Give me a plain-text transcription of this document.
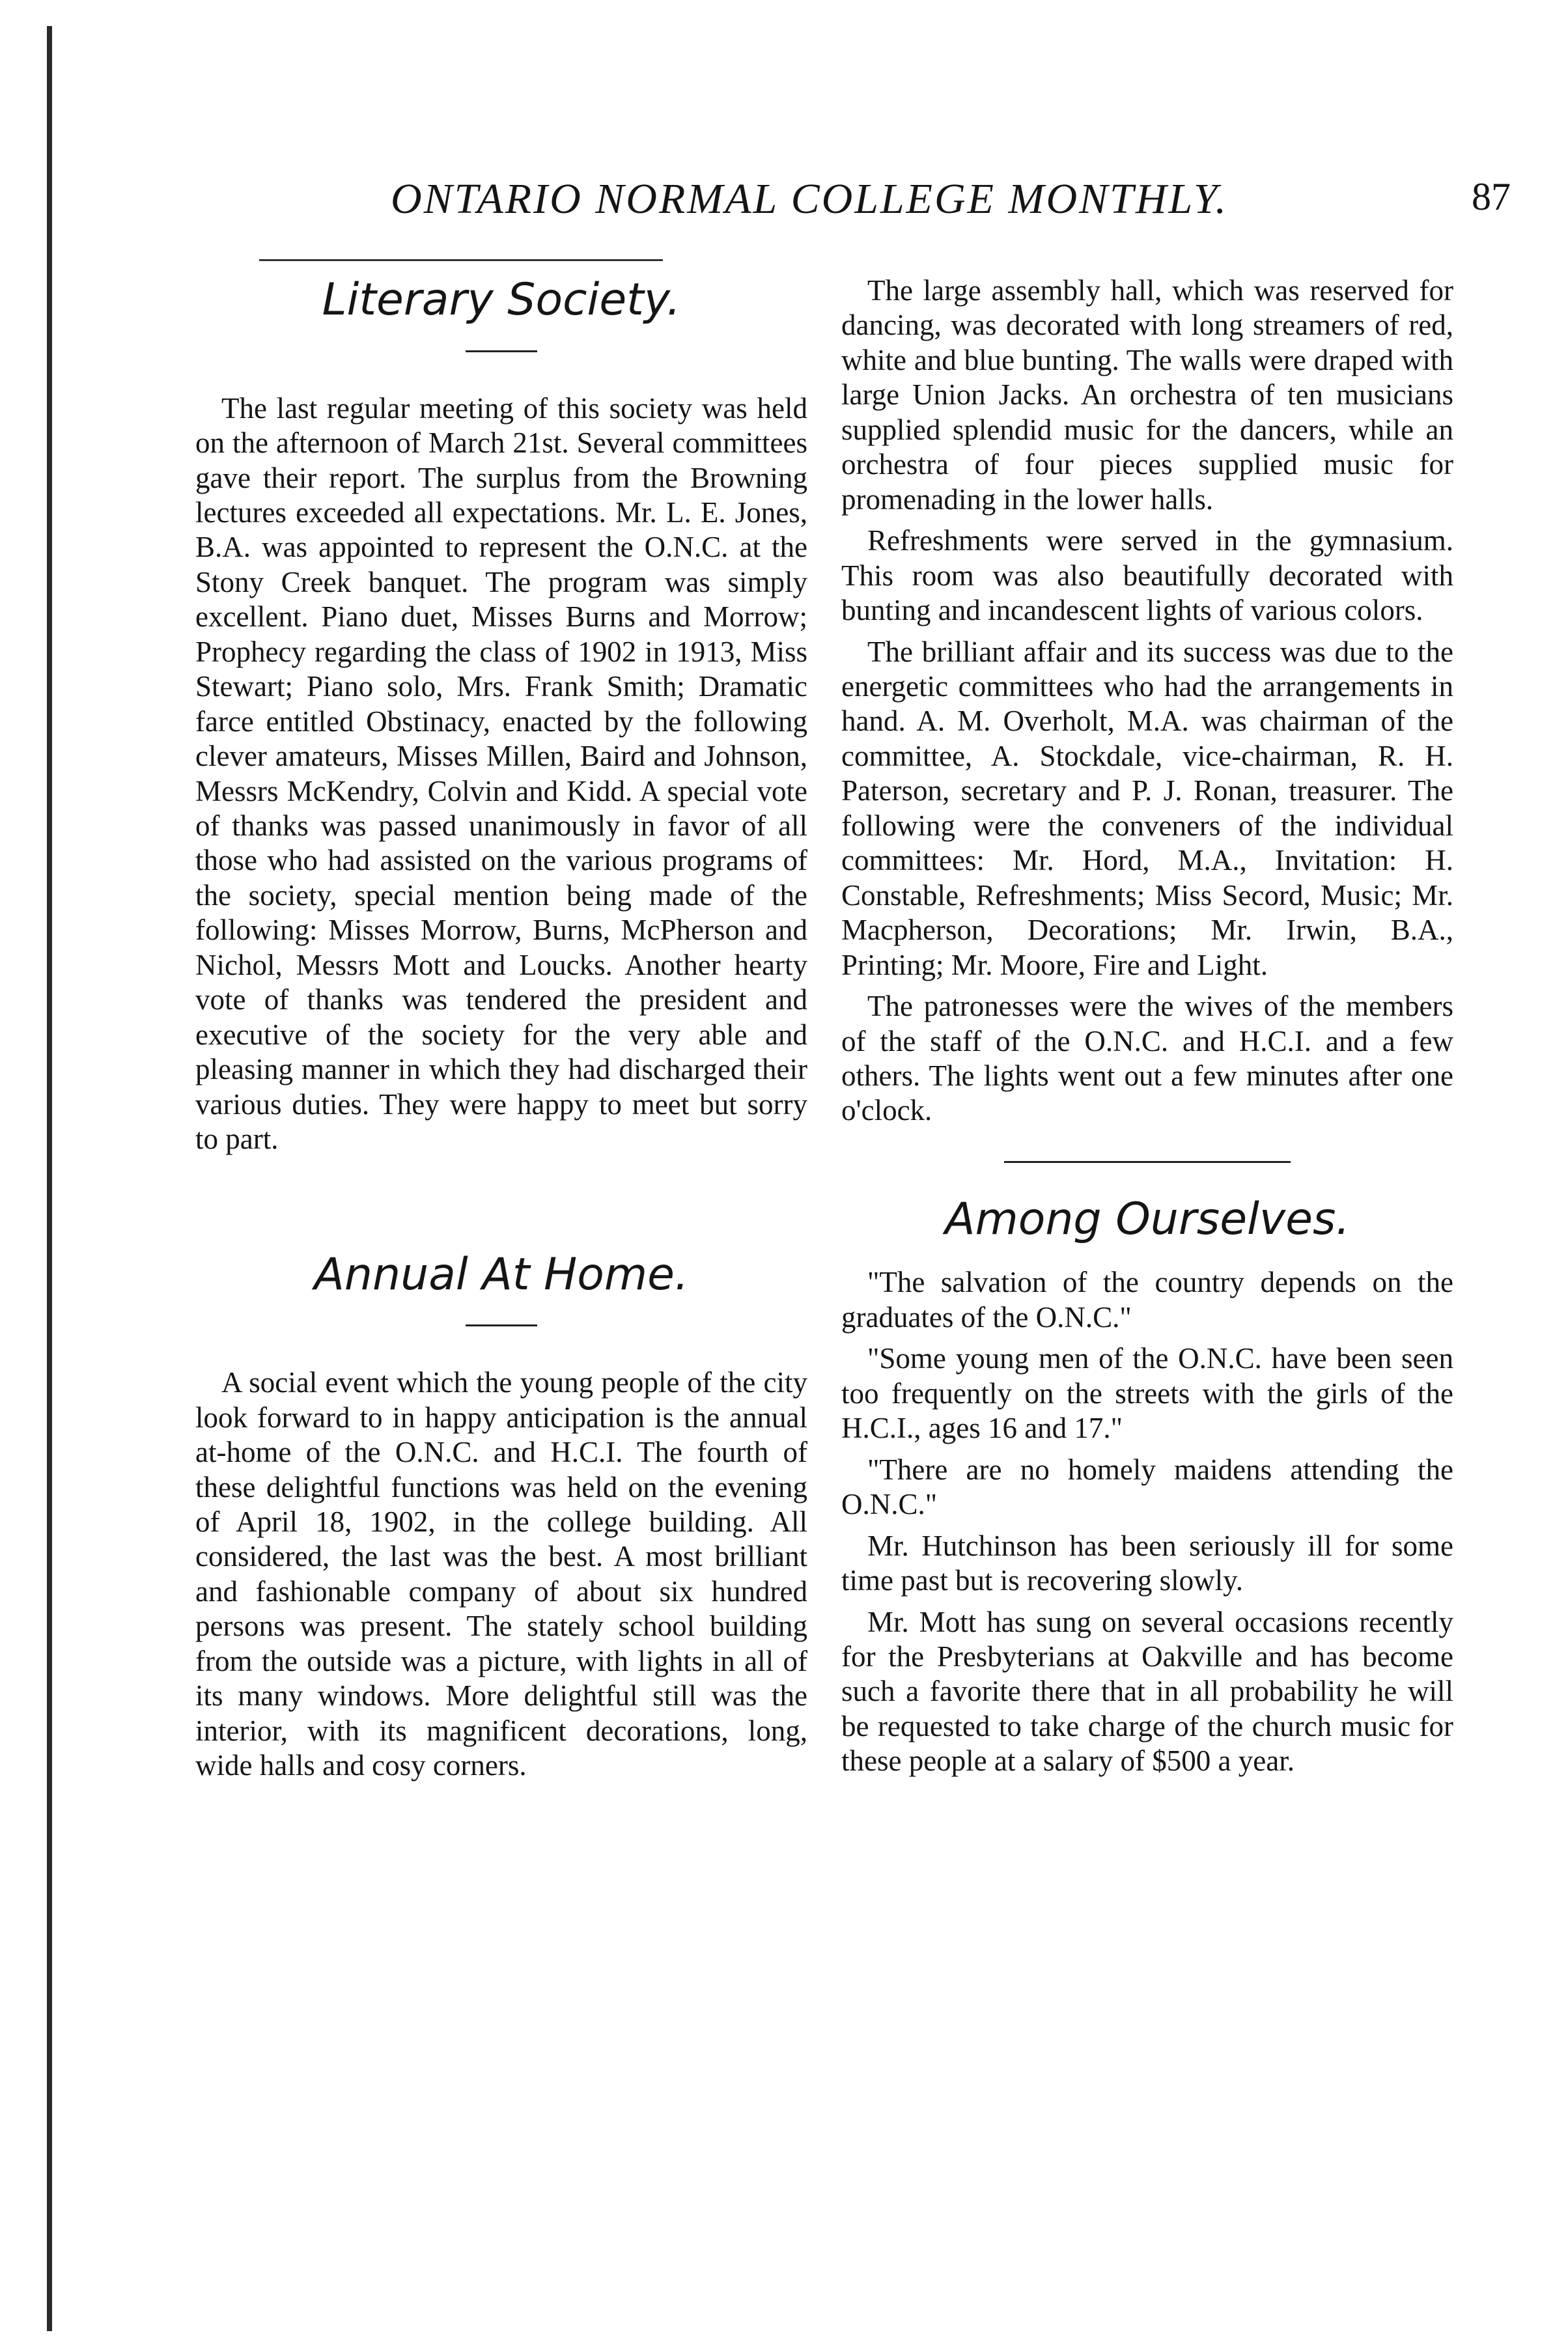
ONTARIO NORMAL COLLEGE MONTHLY.	87
Literary Society.

The last regular meeting of this society was held on the afternoon of March 21st. Several committees gave their report. The surplus from the Browning lectures exceeded all expectations. Mr. L. E. Jones, B.A. was appointed to represent the O.N.C. at the Stony Creek banquet. The program was simply excellent. Piano duet, Misses Burns and Morrow; Prophecy regarding the class of 1902 in 1913, Miss Stewart; Piano solo, Mrs. Frank Smith; Dramatic farce entitled Obstinacy, enacted by the following clever amateurs, Misses Millen, Baird and Johnson, Messrs McKendry, Colvin and Kidd. A special vote of thanks was passed unanimously in favor of all those who had assisted on the various programs of the society, special mention being made of the following: Misses Morrow, Burns, McPherson and Nichol, Messrs Mott and Loucks. Another hearty vote of thanks was tendered the president and executive of the society for the very able and pleasing manner in which they had discharged their various duties. They were happy to meet but sorry to part.

Annual At Home.

A social event which the young people of the city look forward to in happy anticipation is the annual at-home of the O.N.C. and H.C.I. The fourth of these delightful functions was held on the evening of April 18, 1902, in the college building. All considered, the last was the best. A most brilliant and fashionable company of about six hundred persons was present. The stately school building from the outside was a picture, with lights in all of its many windows. More delightful still was the interior, with its magnificent decorations, long, wide halls and cosy corners.

The large assembly hall, which was reserved for dancing, was decorated with long streamers of red, white and blue bunting. The walls were draped with large Union Jacks. An orchestra of ten musicians supplied splendid music for the dancers, while an orchestra of four pieces supplied music for promenading in the lower halls.

Refreshments were served in the gymnasium. This room was also beautifully decorated with bunting and incandescent lights of various colors.

The brilliant affair and its success was due to the energetic committees who had the arrangements in hand. A. M. Overholt, M.A. was chairman of the committee, A. Stockdale, vice-chairman, R. H. Paterson, secretary and P. J. Ronan, treasurer. The following were the conveners of the individual committees: Mr. Hord, M.A., Invitation: H. Constable, Refreshments; Miss Secord, Music; Mr. Macpherson, Decorations; Mr. Irwin, B.A., Printing; Mr. Moore, Fire and Light.

The patronesses were the wives of the members of the staff of the O.N.C. and H.C.I. and a few others. The lights went out a few minutes after one o'clock.

Among Ourselves.

"The salvation of the country depends on the graduates of the O.N.C."

"Some young men of the O.N.C. have been seen too frequently on the streets with the girls of the H.C.I., ages 16 and 17."

"There are no homely maidens attending the O.N.C."

Mr. Hutchinson has been seriously ill for some time past but is recovering slowly.

Mr. Mott has sung on several occasions recently for the Presbyterians at Oakville and has become such a favorite there that in all probability he will be requested to take charge of the church music for these people at a salary of $500 a year.
